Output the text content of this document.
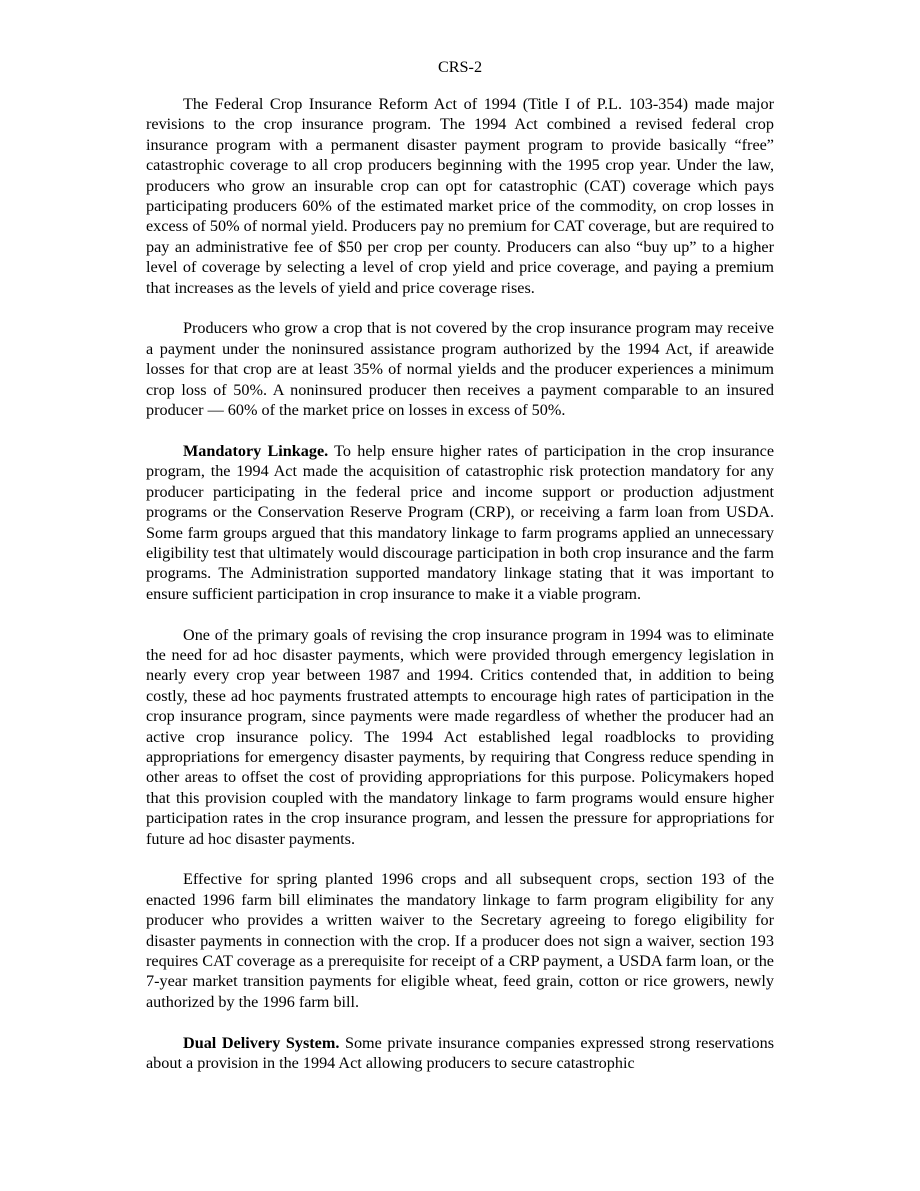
CRS-2

The Federal Crop Insurance Reform Act of 1994 (Title I of P.L. 103-354) made major revisions to the crop insurance program. The 1994 Act combined a revised federal crop insurance program with a permanent disaster payment program to provide basically “free” catastrophic coverage to all crop producers beginning with the 1995 crop year. Under the law, producers who grow an insurable crop can opt for catastrophic (CAT) coverage which pays participating producers 60% of the estimated market price of the commodity, on crop losses in excess of 50% of normal yield. Producers pay no premium for CAT coverage, but are required to pay an administrative fee of $50 per crop per county. Producers can also “buy up” to a higher level of coverage by selecting a level of crop yield and price coverage, and paying a premium that increases as the levels of yield and price coverage rises.

Producers who grow a crop that is not covered by the crop insurance program may receive a payment under the noninsured assistance program authorized by the 1994 Act, if areawide losses for that crop are at least 35% of normal yields and the producer experiences a minimum crop loss of 50%. A noninsured producer then receives a payment comparable to an insured producer — 60% of the market price on losses in excess of 50%.

Mandatory Linkage. To help ensure higher rates of participation in the crop insurance program, the 1994 Act made the acquisition of catastrophic risk protection mandatory for any producer participating in the federal price and income support or production adjustment programs or the Conservation Reserve Program (CRP), or receiving a farm loan from USDA. Some farm groups argued that this mandatory linkage to farm programs applied an unnecessary eligibility test that ultimately would discourage participation in both crop insurance and the farm programs. The Administration supported mandatory linkage stating that it was important to ensure sufficient participation in crop insurance to make it a viable program.

One of the primary goals of revising the crop insurance program in 1994 was to eliminate the need for ad hoc disaster payments, which were provided through emergency legislation in nearly every crop year between 1987 and 1994. Critics contended that, in addition to being costly, these ad hoc payments frustrated attempts to encourage high rates of participation in the crop insurance program, since payments were made regardless of whether the producer had an active crop insurance policy. The 1994 Act established legal roadblocks to providing appropriations for emergency disaster payments, by requiring that Congress reduce spending in other areas to offset the cost of providing appropriations for this purpose. Policymakers hoped that this provision coupled with the mandatory linkage to farm programs would ensure higher participation rates in the crop insurance program, and lessen the pressure for appropriations for future ad hoc disaster payments.

Effective for spring planted 1996 crops and all subsequent crops, section 193 of the enacted 1996 farm bill eliminates the mandatory linkage to farm program eligibility for any producer who provides a written waiver to the Secretary agreeing to forego eligibility for disaster payments in connection with the crop. If a producer does not sign a waiver, section 193 requires CAT coverage as a prerequisite for receipt of a CRP payment, a USDA farm loan, or the 7-year market transition payments for eligible wheat, feed grain, cotton or rice growers, newly authorized by the 1996 farm bill.

Dual Delivery System. Some private insurance companies expressed strong reservations about a provision in the 1994 Act allowing producers to secure catastrophic
